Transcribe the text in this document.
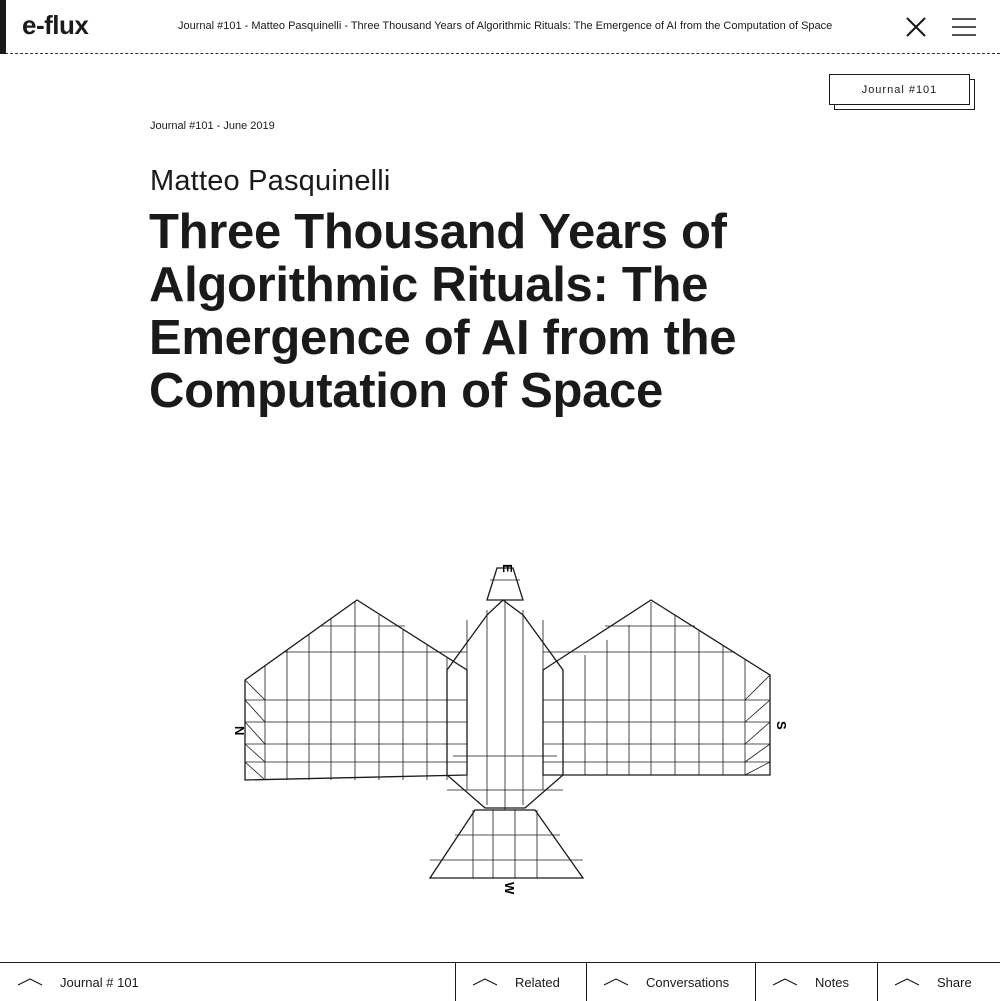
e-flux	Journal #101 - Matteo Pasquinelli - Three Thousand Years of Algorithmic Rituals: The Emergence of AI from the Computation of Space
Journal #101
Journal #101 - June 2019
Matteo Pasquinelli
Three Thousand Years of Algorithmic Rituals: The Emergence of AI from the Computation of Space
N
S
E
W
Journal # 101	Related	Conversations	Notes	Share
